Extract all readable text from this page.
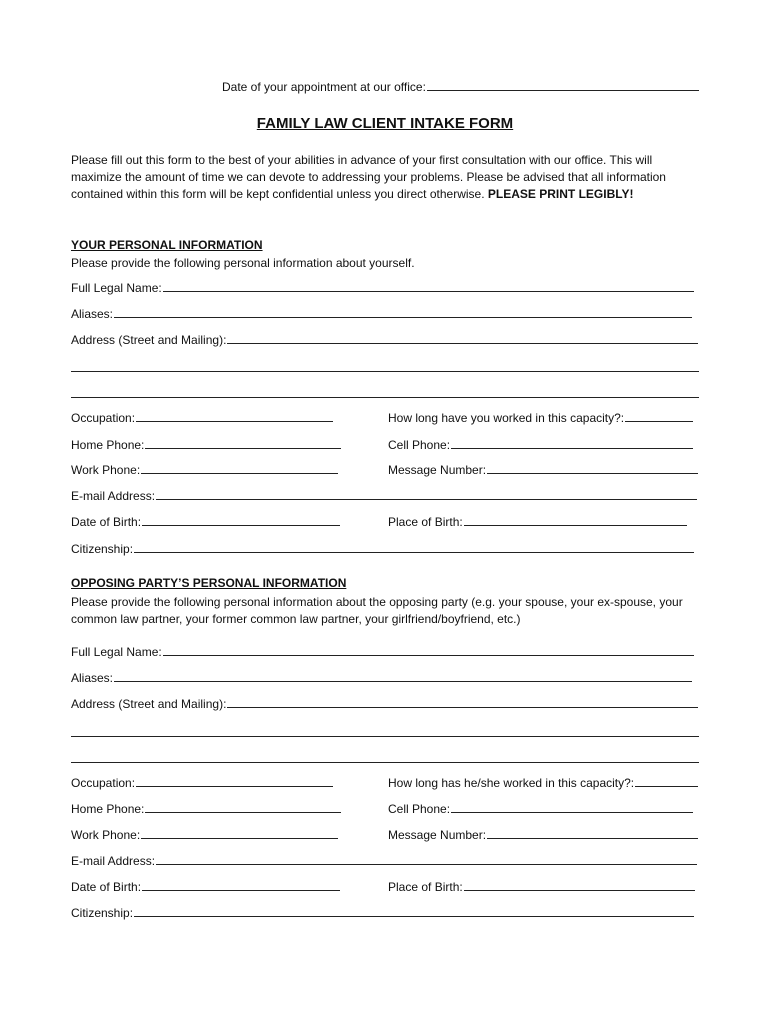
Date of your appointment at our office:
FAMILY LAW CLIENT INTAKE FORM
Please fill out this form to the best of your abilities in advance of your first consultation with our office. This will maximize the amount of time we can devote to addressing your problems. Please be advised that all information contained within this form will be kept confidential unless you direct otherwise. PLEASE PRINT LEGIBLY!
YOUR PERSONAL INFORMATION
Please provide the following personal information about yourself.
Full Legal Name:
Aliases:
Address (Street and Mailing):
Occupation:	How long have you worked in this capacity?:
Home Phone:	Cell Phone:
Work Phone:	Message Number:
E-mail Address:
Date of Birth:	Place of Birth:
Citizenship:
OPPOSING PARTY’S PERSONAL INFORMATION
Please provide the following personal information about the opposing party (e.g. your spouse, your ex-spouse, your common law partner, your former common law partner, your girlfriend/boyfriend, etc.)
Full Legal Name:
Aliases:
Address (Street and Mailing):
Occupation:	How long has he/she worked in this capacity?:
Home Phone:	Cell Phone:
Work Phone:	Message Number:
E-mail Address:
Date of Birth:	Place of Birth:
Citizenship:
